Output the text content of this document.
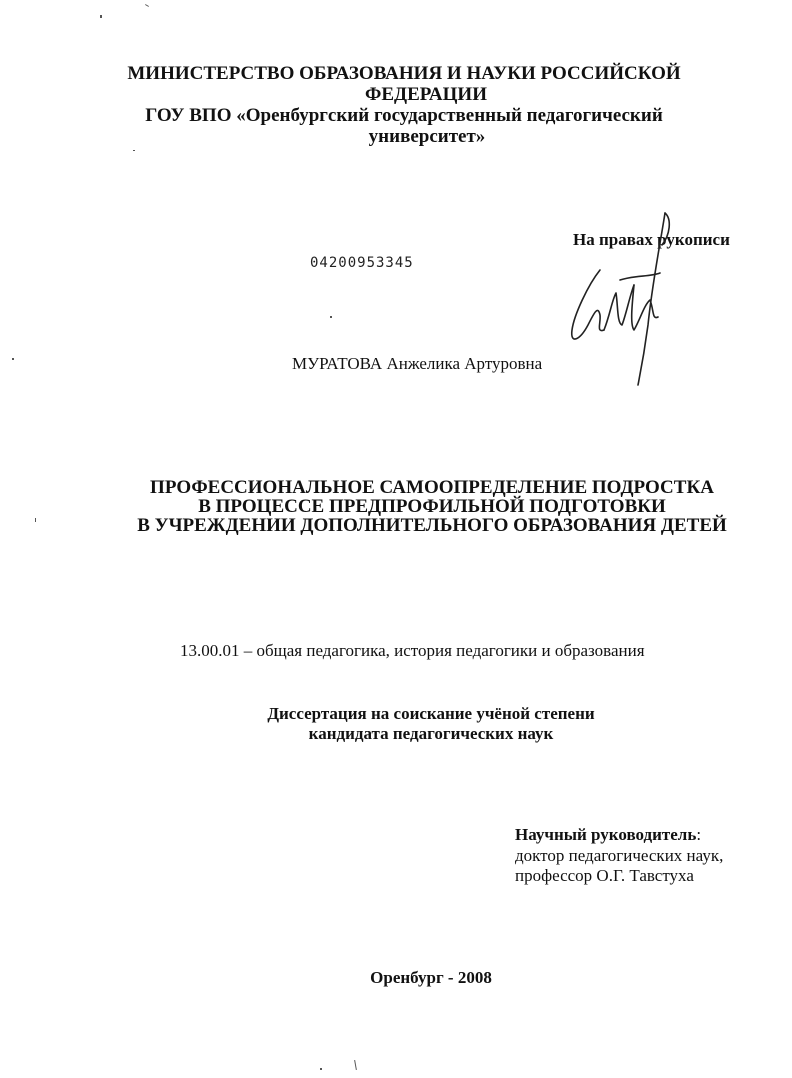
МИНИСТЕРСТВО ОБРАЗОВАНИЯ И НАУКИ РОССИЙСКОЙ
ФЕДЕРАЦИИ
ГОУ ВПО «Оренбургский государственный педагогический
университет»
На правах рукописи
04200953345
МУРАТОВА Анжелика Артуровна
ПРОФЕССИОНАЛЬНОЕ САМООПРЕДЕЛЕНИЕ ПОДРОСТКА
В ПРОЦЕССЕ ПРЕДПРОФИЛЬНОЙ ПОДГОТОВКИ
В УЧРЕЖДЕНИИ ДОПОЛНИТЕЛЬНОГО ОБРАЗОВАНИЯ ДЕТЕЙ
13.00.01 – общая педагогика, история педагогики и образования
Диссертация на соискание учёной степени
кандидата педагогических наук
Научный руководитель:
доктор педагогических наук,
профессор О.Г. Тавстуха
Оренбург - 2008
